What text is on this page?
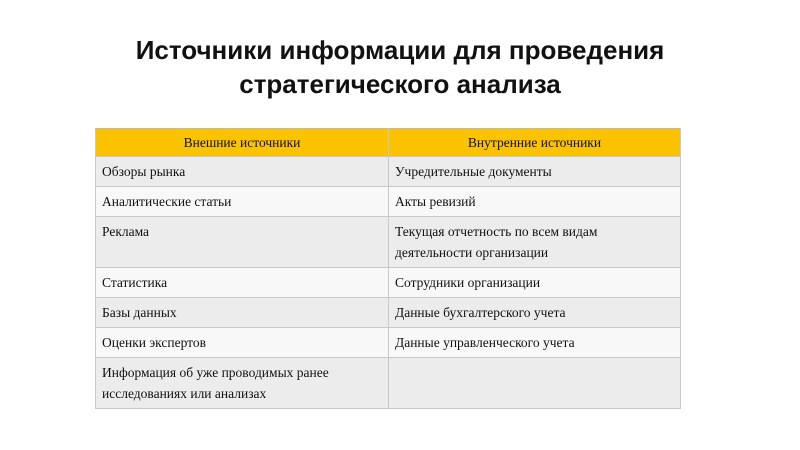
Источники информации для проведения стратегического анализа
Внешние источники	Внутренние источники
Обзоры рынка	Учредительные документы
Аналитические статьи	Акты ревизий
Реклама	Текущая отчетность по всем видам деятельности организации
Статистика	Сотрудники организации
Базы данных	Данные бухгалтерского учета
Оценки экспертов	Данные управленческого учета
Информация об уже проводимых ранее исследованиях или анализах	
